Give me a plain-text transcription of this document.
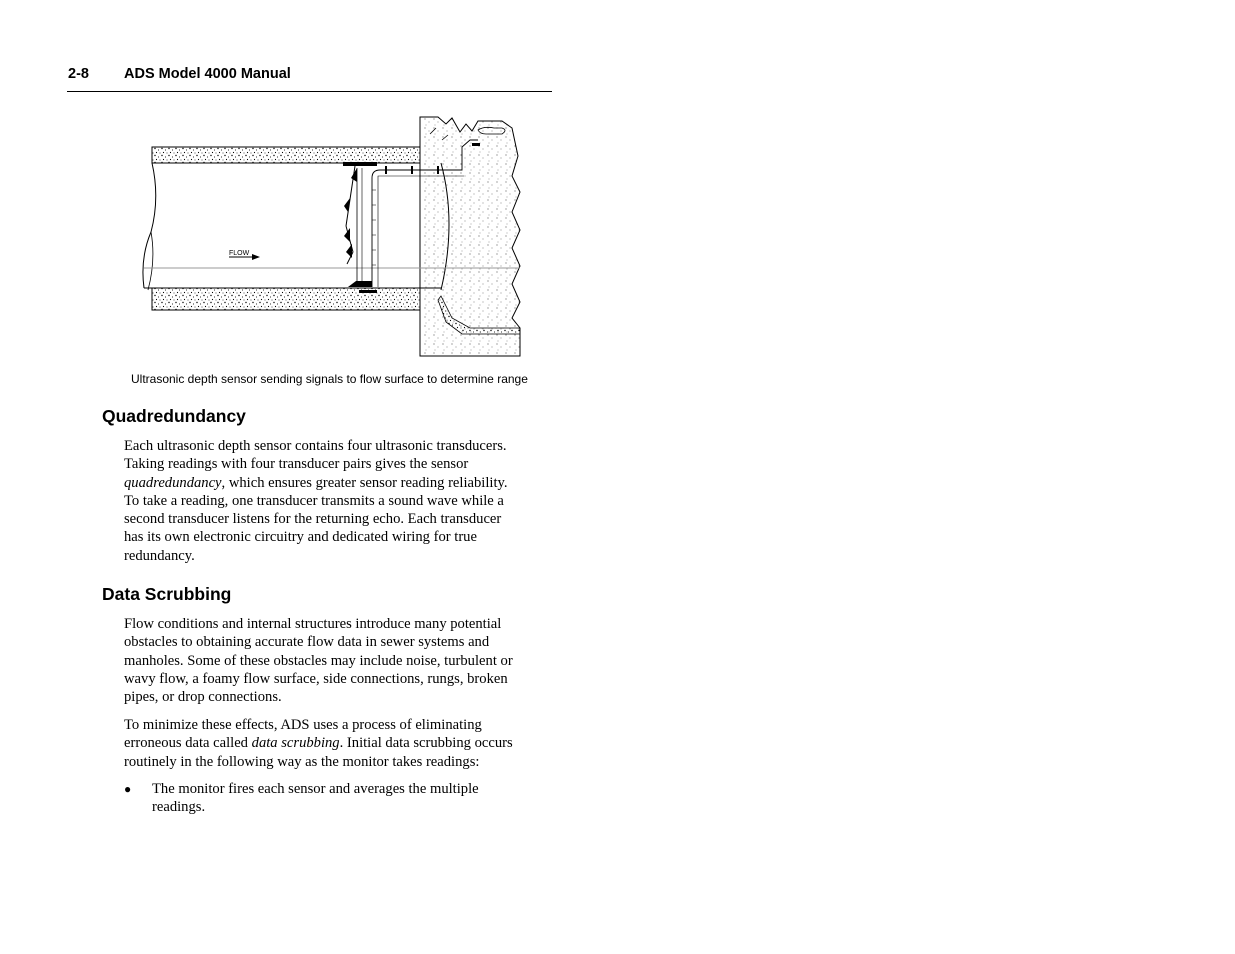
2-8 ADS Model 4000 Manual
FLOW
Ultrasonic depth sensor sending signals to flow surface to determine range
Quadredundancy

Each ultrasonic depth sensor contains four ultrasonic transducers.
Taking readings with four transducer pairs gives the sensor
quadredundancy, which ensures greater sensor reading reliability.
To take a reading, one transducer transmits a sound wave while a
second transducer listens for the returning echo. Each transducer
has its own electronic circuitry and dedicated wiring for true
redundancy.

Data Scrubbing

Flow conditions and internal structures introduce many potential
obstacles to obtaining accurate flow data in sewer systems and
manholes. Some of these obstacles may include noise, turbulent or
wavy flow, a foamy flow surface, side connections, rungs, broken
pipes, or drop connections.

To minimize these effects, ADS uses a process of eliminating
erroneous data called data scrubbing. Initial data scrubbing occurs
routinely in the following way as the monitor takes readings:

● The monitor fires each sensor and averages the multiple
readings.
